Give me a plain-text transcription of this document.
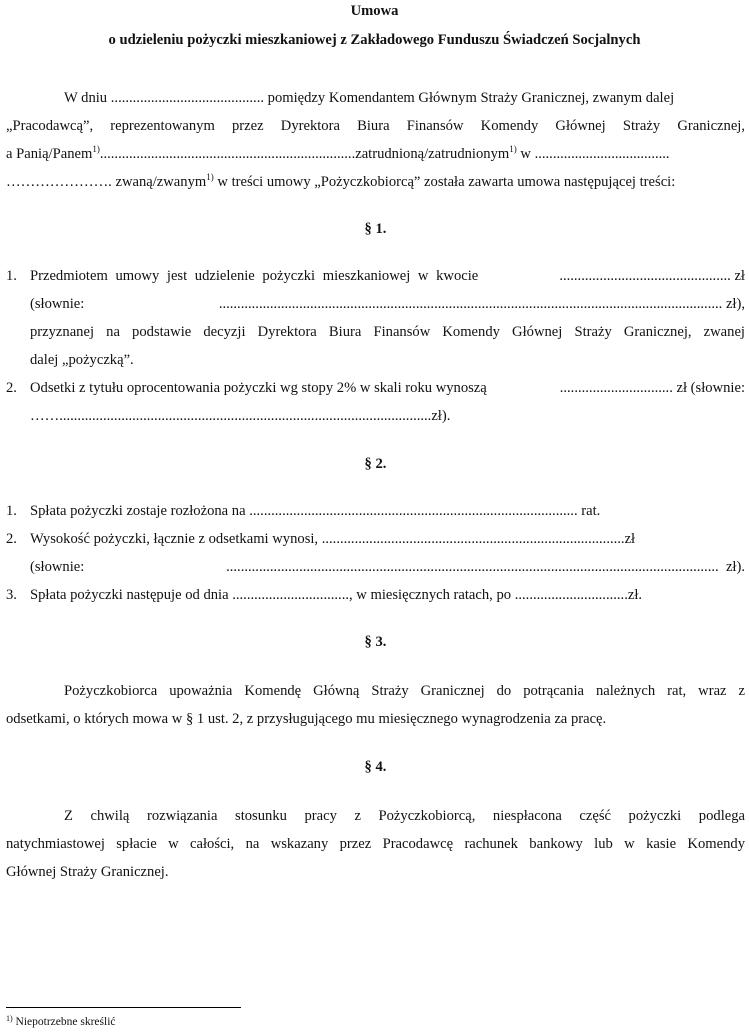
Umowa
o udzieleniu pożyczki mieszkaniowej z Zakładowego Funduszu Świadczeń Socjalnych
W dniu .......................................... pomiędzy Komendantem Głównym Straży Granicznej, zwanym dalej
„Pracodawcą”, reprezentowanym przez Dyrektora Biura Finansów Komendy Głównej Straży Granicznej,
a Panią/Panem$^{1)}$......................................................................zatrudnioną/zatrudnionym$^{1)}$ w .....................................
…………………. zwaną/zwanym$^{1)}$ w treści umowy „Pożyczkobiorcą” została zawarta umowa następującej treści:
§ 1.
1. Przedmiotem umowy jest udzielenie pożyczki mieszkaniowej w kwocie	............................................... zł
(słownie:	.......................................................................................................................................... zł),
przyznanej na podstawie decyzji Dyrektora Biura Finansów Komendy Głównej Straży Granicznej, zwanej
dalej „pożyczką”.
2. Odsetki z tytułu oprocentowania pożyczki wg stopy 2% w skali roku wynoszą	............................... zł (słownie:
……......................................................................................................zł).
§ 2.
1. Spłata pożyczki zostaje rozłożona na .......................................................................................... rat.
2. Wysokość pożyczki, łącznie z odsetkami wynosi, ...................................................................................zł
(słownie:	....................................................................................................................................... zł).
3. Spłata pożyczki następuje od dnia ................................, w miesięcznych ratach, po ...............................zł.
§ 3.
Pożyczkobiorca upoważnia Komendę Główną Straży Granicznej do potrącania należnych rat, wraz z
odsetkami, o których mowa w § 1 ust. 2, z przysługującego mu miesięcznego wynagrodzenia za pracę.
§ 4.
Z chwilą rozwiązania stosunku pracy z Pożyczkobiorcą, niespłacona część pożyczki podlega
natychmiastowej spłacie w całości, na wskazany przez Pracodawcę rachunek bankowy lub w kasie Komendy
Głównej Straży Granicznej.
$^{1)}$ Niepotrzebne skreślić
